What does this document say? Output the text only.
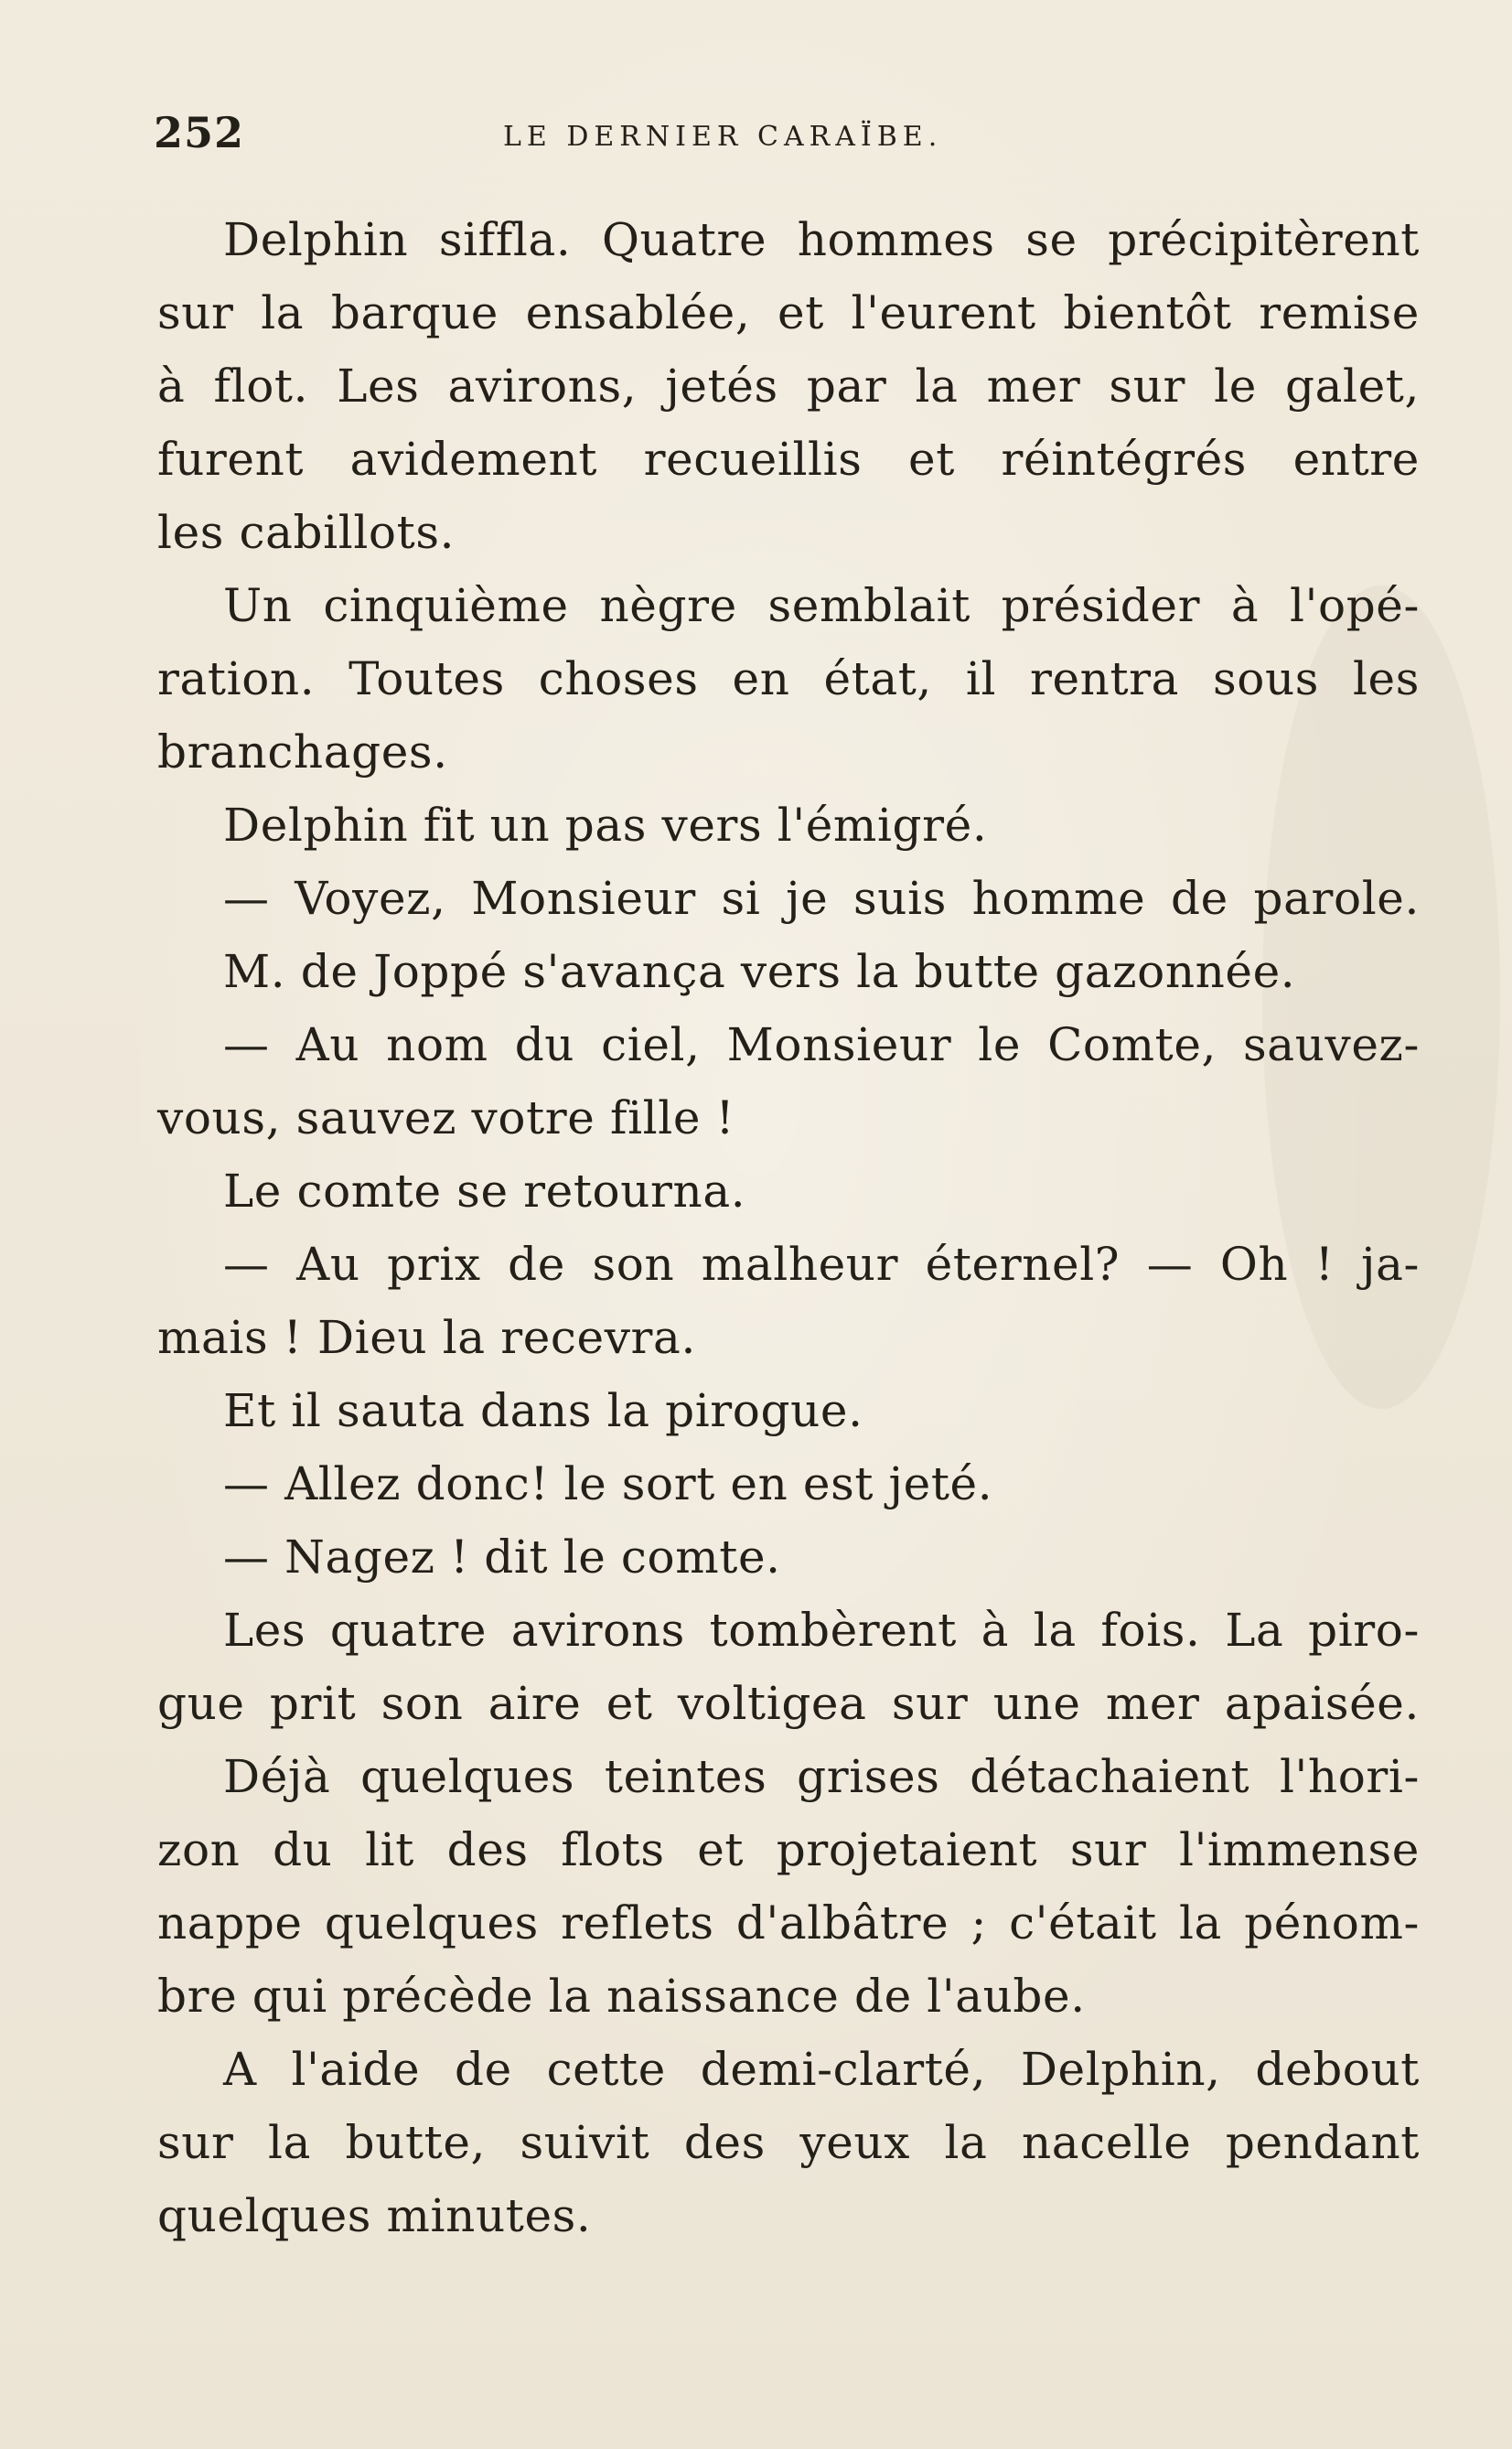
252	LE DERNIER CARAÏBE.
Delphin siffla. Quatre hommes se précipitèrent
sur la barque ensablée, et l'eurent bientôt remise
à flot. Les avirons, jetés par la mer sur le galet,
furent avidement recueillis et réintégrés entre
les cabillots.
Un cinquième nègre semblait présider à l'opé-
ration. Toutes choses en état, il rentra sous les
branchages.
Delphin fit un pas vers l'émigré.
— Voyez, Monsieur si je suis homme de parole.
M. de Joppé s'avança vers la butte gazonnée.
— Au nom du ciel, Monsieur le Comte, sauvez-
vous, sauvez votre fille !
Le comte se retourna.
— Au prix de son malheur éternel? — Oh ! ja-
mais ! Dieu la recevra.
Et il sauta dans la pirogue.
— Allez donc! le sort en est jeté.
— Nagez ! dit le comte.
Les quatre avirons tombèrent à la fois. La piro-
gue prit son aire et voltigea sur une mer apaisée.
Déjà quelques teintes grises détachaient l'hori-
zon du lit des flots et projetaient sur l'immense
nappe quelques reflets d'albâtre ; c'était la pénom-
bre qui précède la naissance de l'aube.
A l'aide de cette demi-clarté, Delphin, debout
sur la butte, suivit des yeux la nacelle pendant
quelques minutes.
